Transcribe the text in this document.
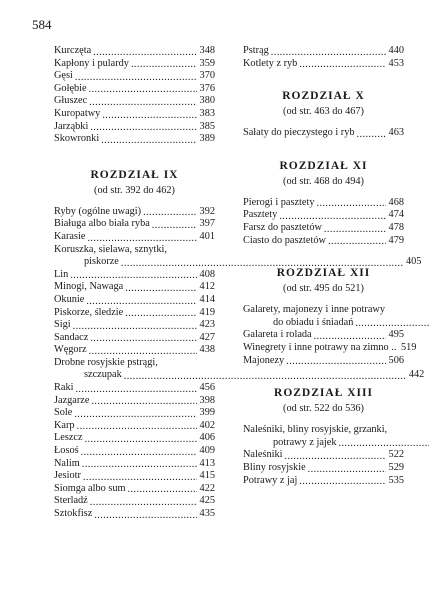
584
Kurczęta .....	348
Kapłony i pulardy .....	359
Gęsi .....	370
Gołębie .....	376
Głuszec .....	380
Kuropatwy .....	383
Jarząbki .....	385
Skowronki .....	389
ROZDZIAŁ IX
(od str. 392 do 462)
Ryby (ogólne uwagi) .....	392
Białuga albo biała ryba .....	397
Karasie .....	401
Koruszka, sielawa, sznytki,
piskorze .....	405
Lin .....	408
Minogi, Nawaga .....	412
Okunie .....	414
Piskorze, śledzie .....	419
Sigi .....	423
Sandacz .....	427
Węgorz .....	438
Drobne rosyjskie pstrągi,
szczupak .....	442
Raki .....	456
Jazgarze .....	398
Sole .....	399
Karp .....	402
Leszcz .....	406
Łosoś .....	409
Nalim .....	413
Jesiotr .....	415
Siomga albo sum .....	422
Sterladź .....	425
Sztokfisz .....	435
Pstrąg .....	440
Kotlety z ryb .....	453
ROZDZIAŁ X
(od str. 463 do 467)
Sałaty do pieczystego i ryb .....	463
ROZDZIAŁ XI
(od str. 468 do 494)
Pierogi i pasztety .....	468
Pasztety .....	474
Farsz do pasztetów .....	478
Ciasto do pasztetów .....	479
ROZDZIAŁ XII
(od str. 495 do 521)
Galarety, majonezy i inne potrawy
do obiadu i śniadań
.....
Galareta i rolada .....	495
Winegrety i inne potrawy na zimno .. 519
Majonezy .....	506
ROZDZIAŁ XIII
(od str. 522 do 536)
Naleśniki, bliny rosyjskie, grzanki,
potrawy z jajek
.....
Naleśniki .....	522
Bliny rosyjskie .....	529
Potrawy z jaj .....	535
